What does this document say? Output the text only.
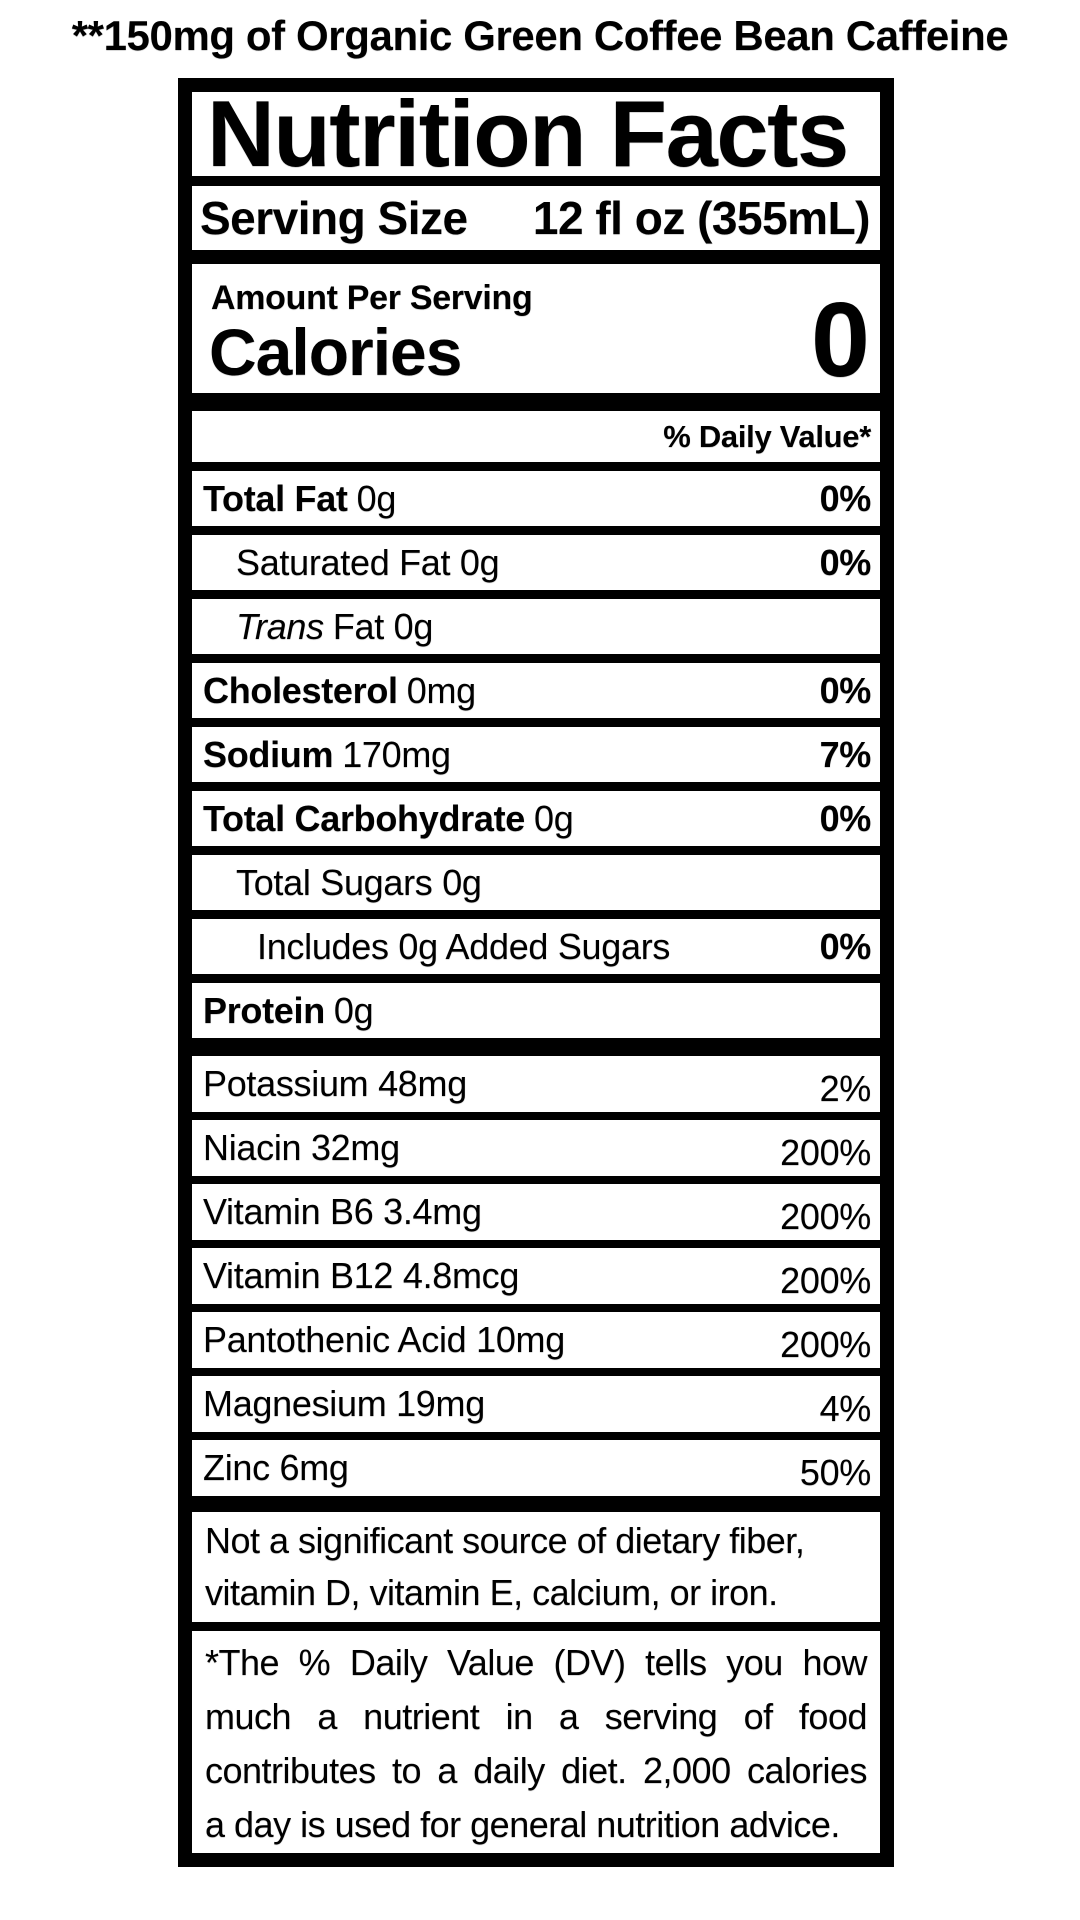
**150mg of Organic Green Coffee Bean Caffeine
Nutrition Facts
Serving Size 12 fl oz (355mL)
Amount Per Serving
Calories	0
% Daily Value*
Total Fat 0g	0%
Saturated Fat 0g	0%
Trans Fat 0g
Cholesterol 0mg	0%
Sodium 170mg	7%
Total Carbohydrate 0g	0%
Total Sugars 0g
Includes 0g Added Sugars	0%
Protein 0g
Potassium 48mg	2%
Niacin 32mg	200%
Vitamin B6 3.4mg	200%
Vitamin B12 4.8mcg	200%
Pantothenic Acid 10mg	200%
Magnesium 19mg	4%
Zinc 6mg	50%
Not a significant source of dietary fiber,
vitamin D, vitamin E, calcium, or iron.
*The % Daily Value (DV) tells you how
much a nutrient in a serving of food
contributes to a daily diet. 2,000 calories
a day is used for general nutrition advice.
